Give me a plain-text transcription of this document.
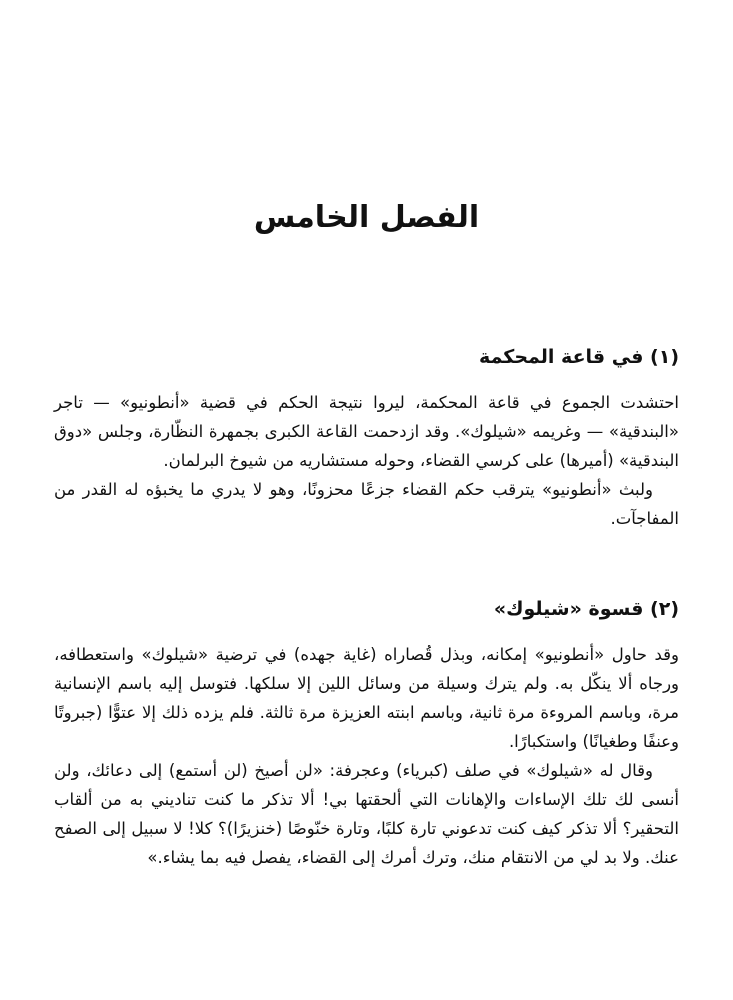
الفصل الخامس
(١) في قاعة المحكمة

احتشدت الجموع في قاعة المحكمة، ليروا نتيجة الحكم في قضية «أنطونيو» — تاجر «البندقية» — وغريمه «شيلوك». وقد ازدحمت القاعة الكبرى بجمهرة النظّارة، وجلس «دوق البندقية» (أميرها) على كرسي القضاء، وحوله مستشاريه من شيوخ البرلمان.

ولبث «أنطونيو» يترقب حكم القضاء جزعًا محزونًا، وهو لا يدري ما يخبؤه له القدر من المفاجآت.

(٢) قسوة «شيلوك»

وقد حاول «أنطونيو» إمكانه، وبذل قُصاراه (غاية جهده) في ترضية «شيلوك» واستعطافه، ورجاه ألا ينكّل به. ولم يترك وسيلة من وسائل اللين إلا سلكها. فتوسل إليه باسم الإنسانية مرة، وباسم المروءة مرة ثانية، وباسم ابنته العزيزة مرة ثالثة. فلم يزده ذلك إلا عتوًّا (جبروتًا وعنفًا وطغيانًا) واستكبارًا.

وقال له «شيلوك» في صلف (كبرياء) وعجرفة: «لن أصيخ (لن أستمع) إلى دعائك، ولن أنسى لك تلك الإساءات والإهانات التي ألحقتها بي! ألا تذكر ما كنت تناديني به من ألقاب التحقير؟ ألا تذكر كيف كنت تدعوني تارة كلبًا، وتارة خنّوصًا (خنزيرًا)؟ كلا! لا سبيل إلى الصفح عنك. ولا بد لي من الانتقام منك، وترك أمرك إلى القضاء، يفصل فيه بما يشاء.»
